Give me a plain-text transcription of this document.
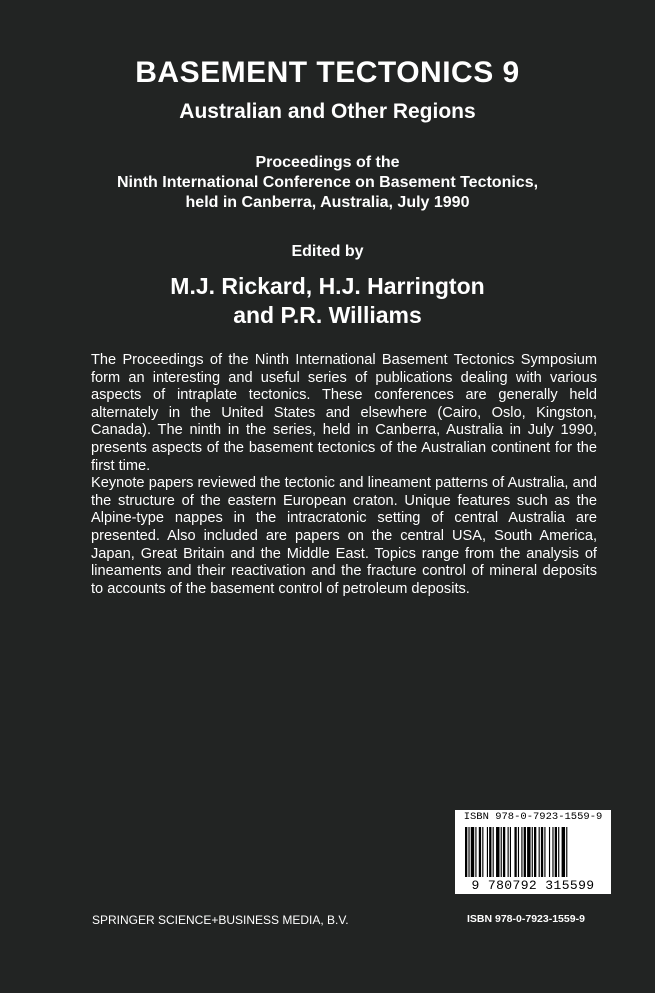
BASEMENT TECTONICS 9
Australian and Other Regions
Proceedings of the
Ninth International Conference on Basement Tectonics,
held in Canberra, Australia, July 1990
Edited by
M.J. Rickard, H.J. Harrington
and P.R. Williams

The Proceedings of the Ninth International Basement Tectonics Symposium form an interesting and useful series of publications dealing with various aspects of intraplate tectonics. These conferences are generally held alternately in the United States and elsewhere (Cairo, Oslo, Kingston, Canada). The ninth in the series, held in Canberra, Australia in July 1990, presents aspects of the basement tectonics of the Australian continent for the first time.

Keynote papers reviewed the tectonic and lineament patterns of Australia, and the structure of the eastern European craton. Unique features such as the Alpine-type nappes in the intracratonic setting of central Australia are presented. Also included are papers on the central USA, South America, Japan, Great Britain and the Middle East. Topics range from the analysis of lineaments and their reactivation and the fracture control of mineral deposits to accounts of the basement control of petroleum deposits.

ISBN 978-0-7923-1559-9
9 780792 315599
SPRINGER SCIENCE+BUSINESS MEDIA, B.V.	ISBN 978-0-7923-1559-9
